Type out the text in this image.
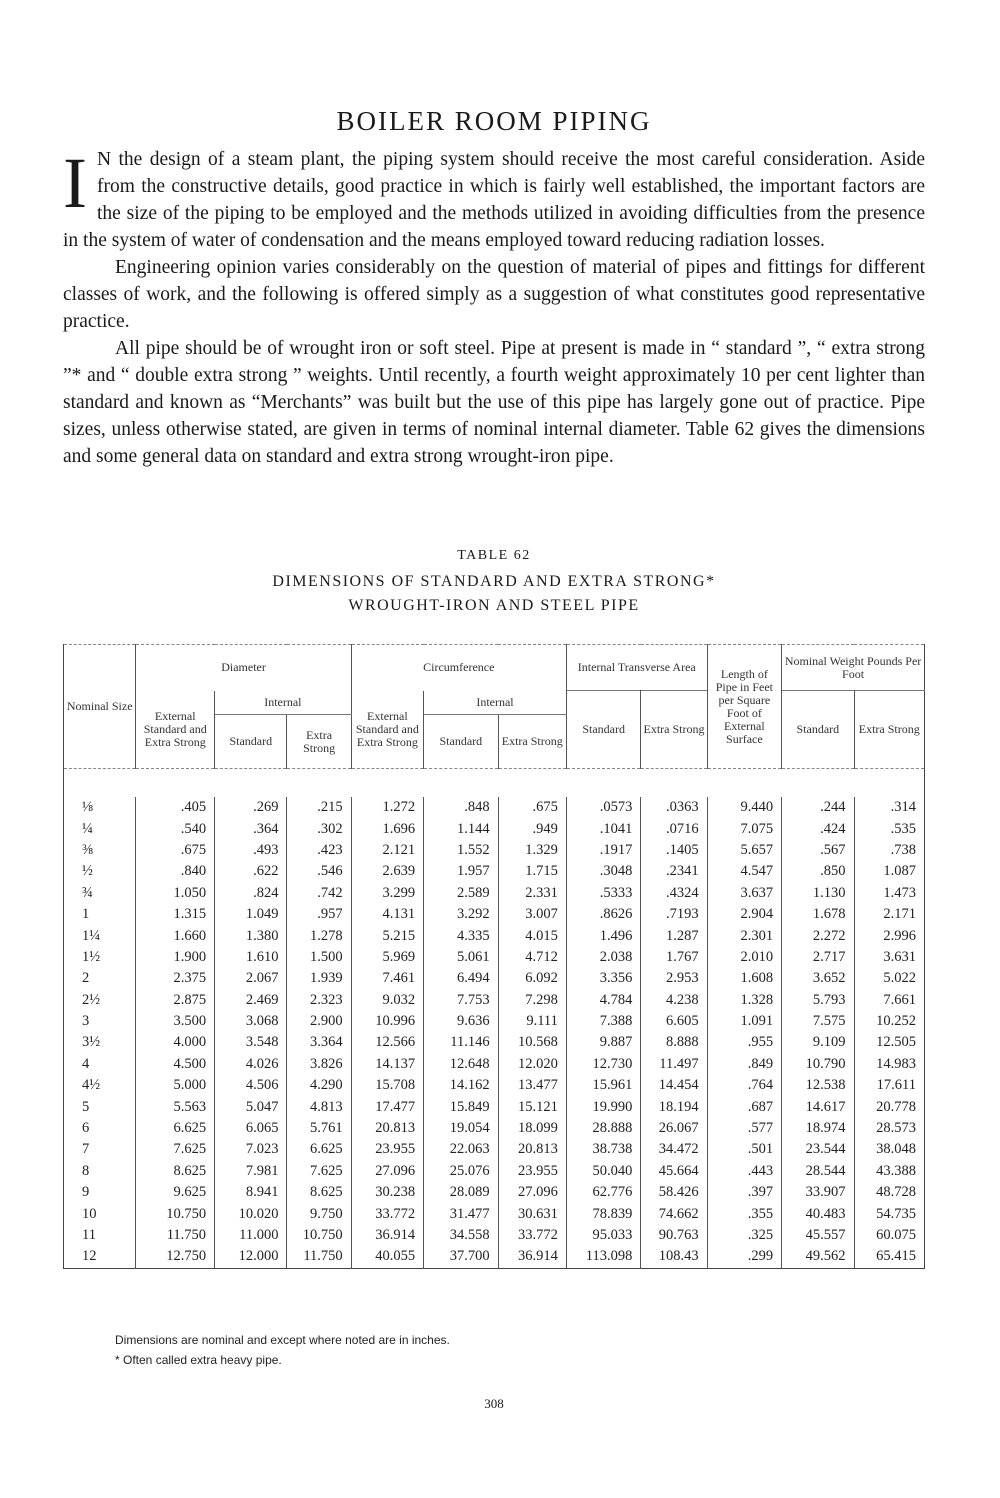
BOILER ROOM PIPING

I N the design of a steam plant, the piping system should receive the most careful consideration. Aside from the constructive details, good practice in which is fairly well established, the important factors are the size of the piping to be employed and the methods utilized in avoiding difficulties from the presence in the system of water of condensation and the means employed toward reducing radiation losses.

Engineering opinion varies considerably on the question of material of pipes and fittings for different classes of work, and the following is offered simply as a suggestion of what constitutes good representative practice.

All pipe should be of wrought iron or soft steel. Pipe at present is made in “ standard ”, “ extra strong ”* and “ double extra strong ” weights. Until recently, a fourth weight approximately 10 per cent lighter than standard and known as “Merchants” was built but the use of this pipe has largely gone out of practice. Pipe sizes, unless otherwise stated, are given in terms of nominal internal diameter. Table 62 gives the dimensions and some general data on standard and extra strong wrought-iron pipe.

TABLE 62
DIMENSIONS OF STANDARD AND EXTRA STRONG*
WROUGHT-IRON AND STEEL PIPE
Nominal Size	Diameter			Circumference			Internal Transverse Area		Length of Pipe in Feet per Square Foot of External Surface	Nominal Weight Pounds Per Foot	
	External Standard and Extra Strong	Internal		External Standard and Extra Strong	Internal		Standard	Extra Strong		Standard	Extra Strong
		Standard	Extra Strong		Standard	Extra Strong					

⅛	.405	.269	.215	1.272	.848	.675	.0573	.0363	9.440	.244	.314
¼	.540	.364	.302	1.696	1.144	.949	.1041	.0716	7.075	.424	.535
⅜	.675	.493	.423	2.121	1.552	1.329	.1917	.1405	5.657	.567	.738
½	.840	.622	.546	2.639	1.957	1.715	.3048	.2341	4.547	.850	1.087
¾	1.050	.824	.742	3.299	2.589	2.331	.5333	.4324	3.637	1.130	1.473
1	1.315	1.049	.957	4.131	3.292	3.007	.8626	.7193	2.904	1.678	2.171
1¼	1.660	1.380	1.278	5.215	4.335	4.015	1.496	1.287	2.301	2.272	2.996
1½	1.900	1.610	1.500	5.969	5.061	4.712	2.038	1.767	2.010	2.717	3.631
2	2.375	2.067	1.939	7.461	6.494	6.092	3.356	2.953	1.608	3.652	5.022
2½	2.875	2.469	2.323	9.032	7.753	7.298	4.784	4.238	1.328	5.793	7.661
3	3.500	3.068	2.900	10.996	9.636	9.111	7.388	6.605	1.091	7.575	10.252
3½	4.000	3.548	3.364	12.566	11.146	10.568	9.887	8.888	.955	9.109	12.505
4	4.500	4.026	3.826	14.137	12.648	12.020	12.730	11.497	.849	10.790	14.983
4½	5.000	4.506	4.290	15.708	14.162	13.477	15.961	14.454	.764	12.538	17.611
5	5.563	5.047	4.813	17.477	15.849	15.121	19.990	18.194	.687	14.617	20.778
6	6.625	6.065	5.761	20.813	19.054	18.099	28.888	26.067	.577	18.974	28.573
7	7.625	7.023	6.625	23.955	22.063	20.813	38.738	34.472	.501	23.544	38.048
8	8.625	7.981	7.625	27.096	25.076	23.955	50.040	45.664	.443	28.544	43.388
9	9.625	8.941	8.625	30.238	28.089	27.096	62.776	58.426	.397	33.907	48.728
10	10.750	10.020	9.750	33.772	31.477	30.631	78.839	74.662	.355	40.483	54.735
11	11.750	11.000	10.750	36.914	34.558	33.772	95.033	90.763	.325	45.557	60.075
12	12.750	12.000	11.750	40.055	37.700	36.914	113.098	108.43	.299	49.562	65.415

Dimensions are nominal and except where noted are in inches.

* Often called extra heavy pipe.

308
